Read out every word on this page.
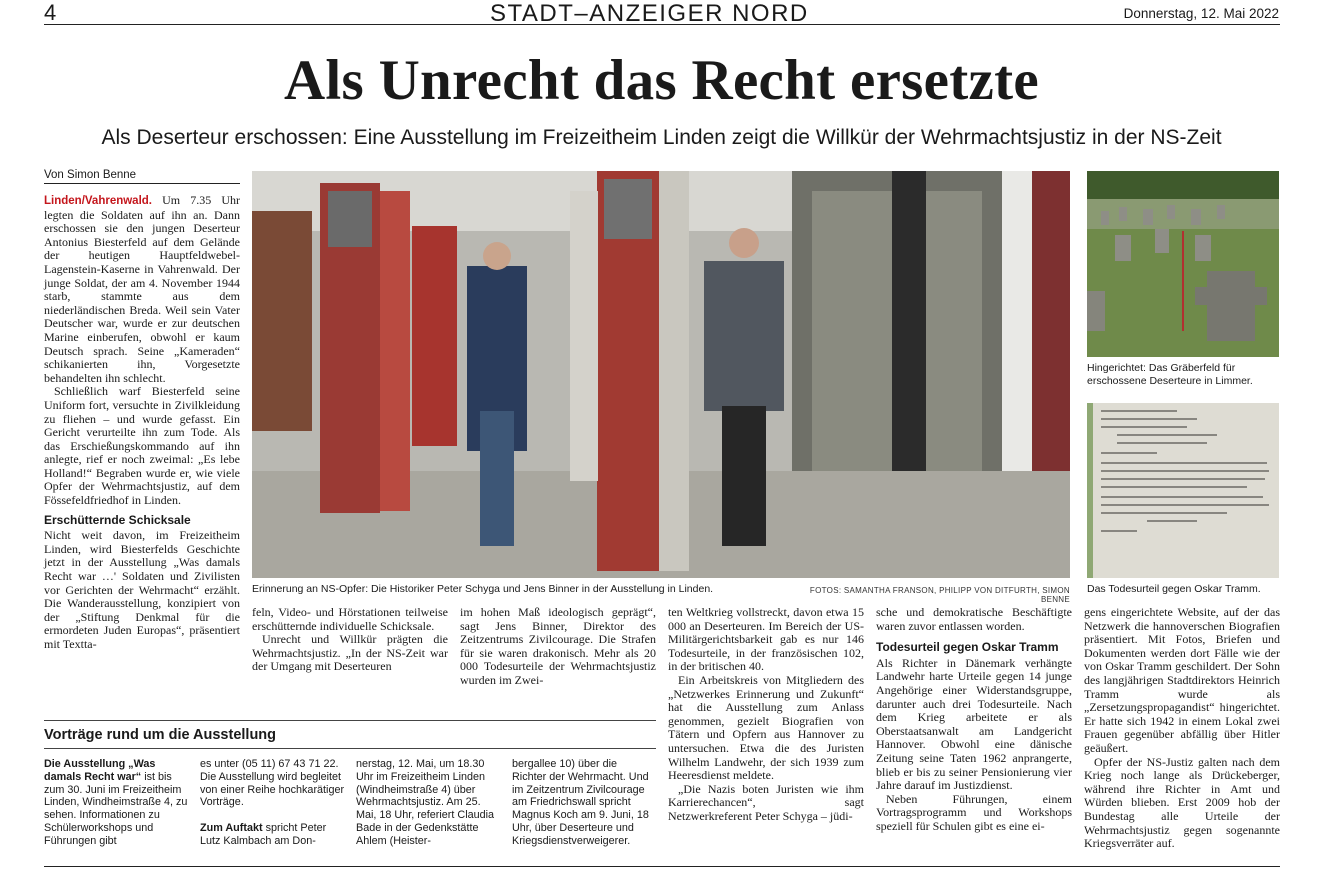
4	STADT–ANZEIGER NORD	Donnerstag, 12. Mai 2022
Als Unrecht das Recht ersetzte
Als Deserteur erschossen: Eine Ausstellung im Freizeitheim Linden zeigt die Willkür der Wehrmachtsjustiz in der NS-Zeit
Von Simon Benne

Linden/Vahrenwald. Um 7.35 Uhr legten die Soldaten auf ihn an. Dann erschossen sie den jungen Deserteur Antonius Biesterfeld auf dem Gelände der heutigen Hauptfeldwebel-Lagenstein-Kaserne in Vahrenwald. Der junge Soldat, der am 4. November 1944 starb, stammte aus dem niederländischen Breda. Weil sein Vater Deutscher war, wurde er zur deutschen Marine einberufen, obwohl er kaum Deutsch sprach. Seine „Kameraden“ schikanierten ihn, Vorgesetzte behandelten ihn schlecht.

Schließlich warf Biesterfeld seine Uniform fort, versuchte in Zivilkleidung zu fliehen – und wurde gefasst. Ein Gericht verurteilte ihn zum Tode. Als das Erschießungskommando auf ihn anlegte, rief er noch zweimal: „Es lebe Holland!“ Begraben wurde er, wie viele Opfer der Wehrmachtsjustiz, auf dem Fössefeldfriedhof in Linden.

Erschütternde Schicksale

Nicht weit davon, im Freizeitheim Linden, wird Biesterfelds Geschichte jetzt in der Ausstellung „Was damals Recht war …' Soldaten und Zivilisten vor Gerichten der Wehrmacht“ erzählt. Die Wanderausstellung, konzipiert von der „Stiftung Denkmal für die ermordeten Juden Europas“, präsentiert mit Textta-

Erinnerung an NS-Opfer: Die Historiker Peter Schyga und Jens Binner in der Ausstellung in Linden.	FOTOS: SAMANTHA FRANSON, PHILIPP VON DITFURTH, SIMON BENNE
Hingerichtet: Das Gräberfeld für erschossene Deserteure in Limmer.
Das Todesurteil gegen Oskar Tramm.

feln, Video- und Hörstationen teilweise erschütternde individuelle Schicksale.

Unrecht und Willkür prägten die Wehrmachtsjustiz. „In der NS-Zeit war der Umgang mit Deserteuren

im hohen Maß ideologisch geprägt“, sagt Jens Binner, Direktor des Zeitzentrums Zivilcourage. Die Strafen für sie waren drakonisch. Mehr als 20 000 Todesurteile der Wehrmachtsjustiz wurden im Zwei-

ten Weltkrieg vollstreckt, davon etwa 15 000 an Deserteuren. Im Bereich der US-Militärgerichtsbarkeit gab es nur 146 Todesurteile, in der französischen 102, in der britischen 40.

Ein Arbeitskreis von Mitgliedern des „Netzwerkes Erinnerung und Zukunft“ hat die Ausstellung zum Anlass genommen, gezielt Biografien von Tätern und Opfern aus Hannover zu untersuchen. Etwa die des Juristen Wilhelm Landwehr, der sich 1939 zum Heeresdienst meldete.

„Die Nazis boten Juristen wie ihm Karrierechancen“, sagt Netzwerkreferent Peter Schyga – jüdi-

sche und demokratische Beschäftigte waren zuvor entlassen worden.

Todesurteil gegen Oskar Tramm

Als Richter in Dänemark verhängte Landwehr harte Urteile gegen 14 junge Angehörige einer Widerstandsgruppe, darunter auch drei Todesurteile. Nach dem Krieg arbeitete er als Oberstaatsanwalt am Landgericht Hannover. Obwohl eine dänische Zeitung seine Taten 1962 anprangerte, blieb er bis zu seiner Pensionierung vier Jahre darauf im Justizdienst.

Neben Führungen, einem Vortragsprogramm und Workshops speziell für Schulen gibt es eine ei-

gens eingerichtete Website, auf der das Netzwerk die hannoverschen Biografien präsentiert. Mit Fotos, Briefen und Dokumenten werden dort Fälle wie der von Oskar Tramm geschildert. Der Sohn des langjährigen Stadtdirektors Heinrich Tramm wurde als „Zersetzungspropagandist“ hingerichtet. Er hatte sich 1942 in einem Lokal zwei Frauen gegenüber abfällig über Hitler geäußert.

Opfer der NS-Justiz galten nach dem Krieg noch lange als Drückeberger, während ihre Richter in Amt und Würden blieben. Erst 2009 hob der Bundestag alle Urteile der Wehrmachtsjustiz gegen sogenannte Kriegsverräter auf.

Vorträge rund um die Ausstellung
Die Ausstellung „Was damals Recht war“ ist bis zum 30. Juni im Freizeitheim Linden, Windheimstraße 4, zu sehen. Informationen zu Schülerworkshops und Führungen gibt
es unter (05 11) 67 43 71 22. Die Ausstellung wird begleitet von einer Reihe hochkarätiger Vorträge.
Zum Auftakt spricht Peter Lutz Kalmbach am Don-
nerstag, 12. Mai, um 18.30 Uhr im Freizeitheim Linden (Windheimstraße 4) über Wehrmachtsjustiz. Am 25. Mai, 18 Uhr, referiert Claudia Bade in der Gedenkstätte Ahlem (Heister-
bergallee 10) über die Richter der Wehrmacht. Und im Zeitzentrum Zivilcourage am Friedrichswall spricht Magnus Koch am 9. Juni, 18 Uhr, über Deserteure und Kriegsdienstverweigerer.
